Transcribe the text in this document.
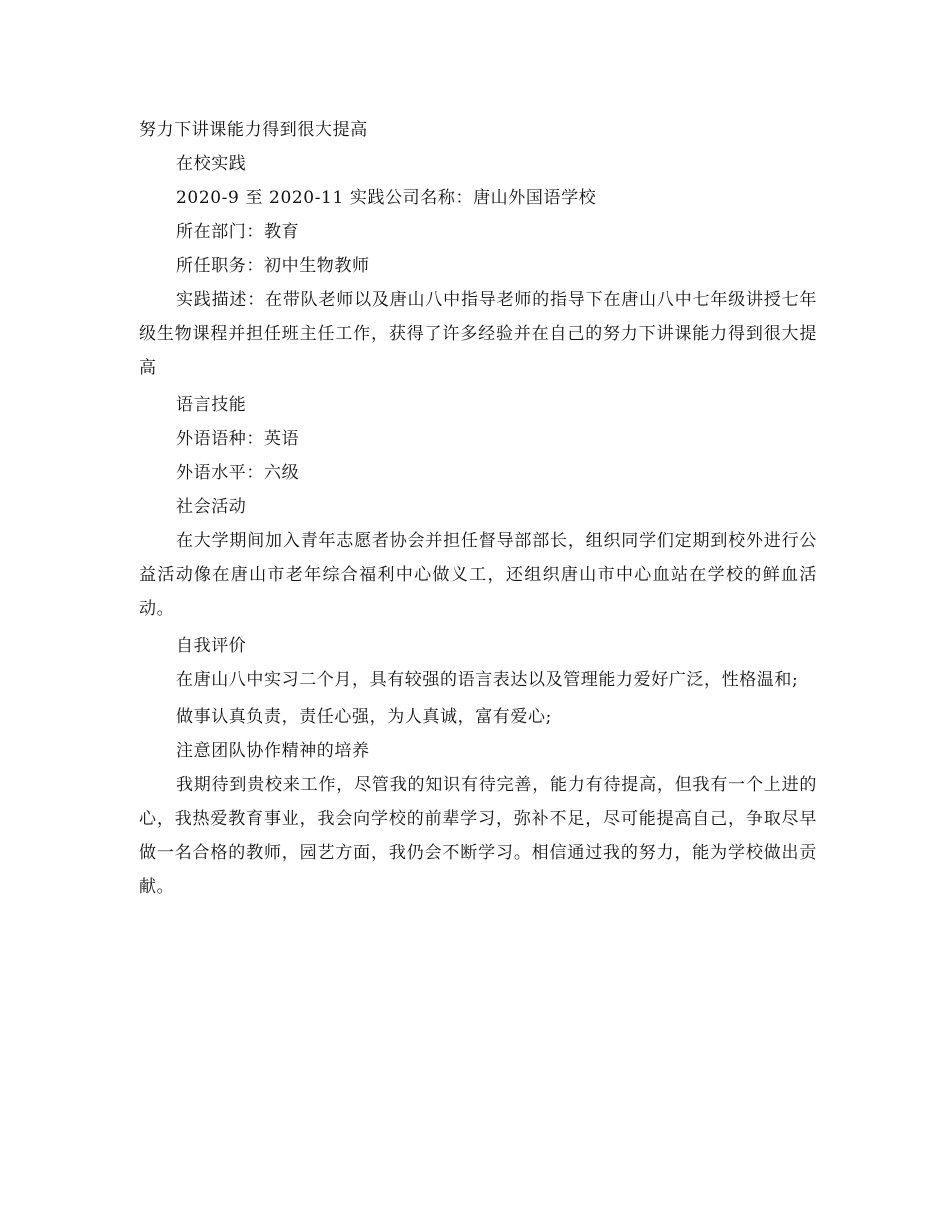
努力下讲课能力得到很大提高

在校实践

2020-9 至 2020-11 实践公司名称：唐山外国语学校

所在部门：教育

所任职务：初中生物教师

实践描述：在带队老师以及唐山八中指导老师的指导下在唐山八中七年级讲授七年级生物课程并担任班主任工作，获得了许多经验并在自己的努力下讲课能力得到很大提高

语言技能

外语语种：英语

外语水平：六级

社会活动

在大学期间加入青年志愿者协会并担任督导部部长，组织同学们定期到校外进行公益活动像在唐山市老年综合福利中心做义工，还组织唐山市中心血站在学校的鲜血活动。

自我评价

在唐山八中实习二个月，具有较强的语言表达以及管理能力爱好广泛，性格温和;

做事认真负责，责任心强，为人真诚，富有爱心;

注意团队协作精神的培养

我期待到贵校来工作，尽管我的知识有待完善，能力有待提高，但我有一个上进的心，我热爱教育事业，我会向学校的前辈学习，弥补不足，尽可能提高自己，争取尽早做一名合格的教师，园艺方面，我仍会不断学习。相信通过我的努力，能为学校做出贡献。
